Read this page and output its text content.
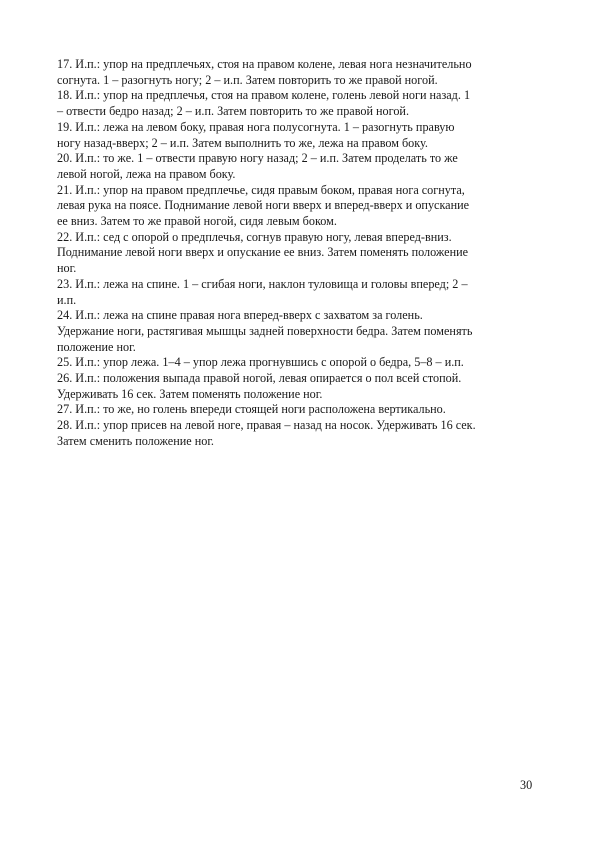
17. И.п.: упор на предплечьях, стоя на правом колене, левая нога незначительно
согнута. 1 – разогнуть ногу; 2 – и.п. Затем повторить то же правой ногой.

18. И.п.: упор на предплечья, стоя на правом колене, голень левой ноги назад. 1
– отвести бедро назад; 2 – и.п. Затем повторить то же правой ногой.

19. И.п.: лежа на левом боку, правая нога полусогнута. 1 – разогнуть правую
ногу назад-вверх; 2 – и.п. Затем выполнить то же, лежа на правом боку.

20. И.п.: то же. 1 – отвести правую ногу назад; 2 – и.п. Затем проделать то же
левой ногой, лежа на правом боку.

21. И.п.: упор на правом предплечье, сидя правым боком, правая нога согнута,
левая рука на поясе. Поднимание левой ноги вверх и вперед-вверх и опускание
ее вниз. Затем то же правой ногой, сидя левым боком.

22. И.п.: сед с опорой о предплечья, согнув правую ногу, левая вперед-вниз.
Поднимание левой ноги вверх и опускание ее вниз. Затем поменять положение
ног.

23. И.п.: лежа на спине. 1 – сгибая ноги, наклон туловища и головы вперед; 2 –
и.п.

24. И.п.: лежа на спине правая нога вперед-вверх с захватом за голень.
Удержание ноги, растягивая мышцы задней поверхности бедра. Затем поменять
положение ног.

25. И.п.: упор лежа. 1–4 – упор лежа прогнувшись с опорой о бедра, 5–8 – и.п.

26. И.п.: положения выпада правой ногой, левая опирается о пол всей стопой.
Удерживать 16 сек. Затем поменять положение ног.

27. И.п.: то же, но голень впереди стоящей ноги расположена вертикально.

28. И.п.: упор присев на левой ноге, правая – назад на носок. Удерживать 16 сек.
Затем сменить положение ног.

30
